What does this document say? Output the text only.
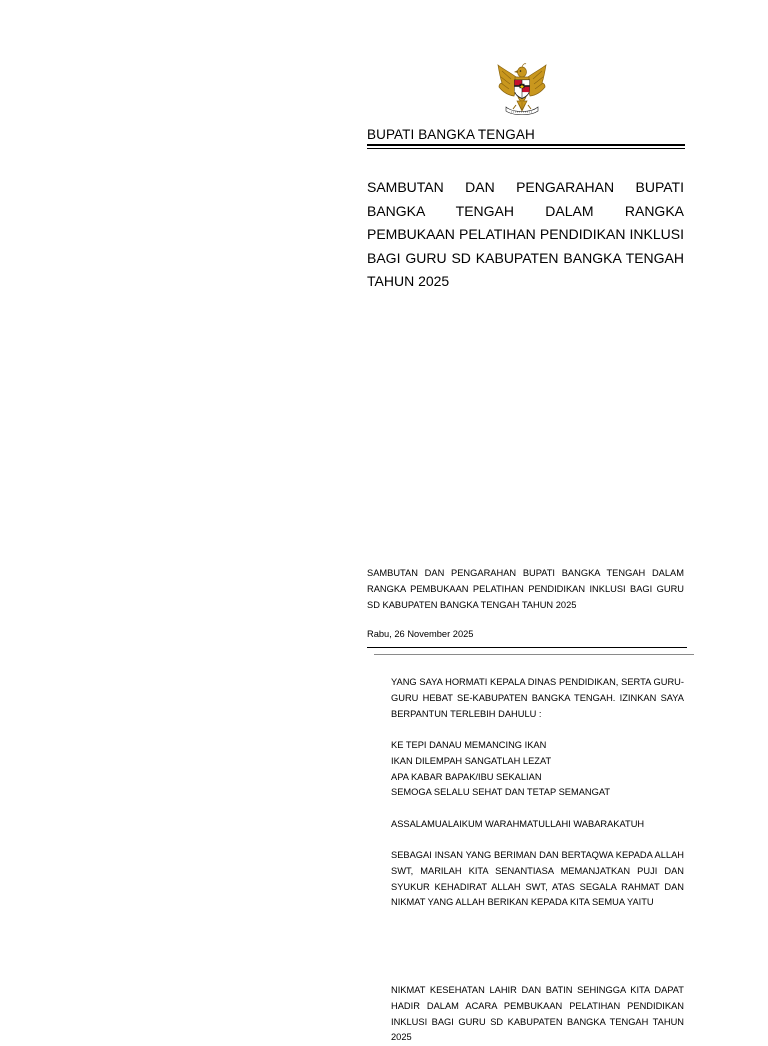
BUPATI BANGKA TENGAH
SAMBUTAN DAN PENGARAHAN BUPATI BANGKA TENGAH DALAM RANGKA PEMBUKAAN PELATIHAN PENDIDIKAN INKLUSI BAGI GURU SD KABUPATEN BANGKA TENGAH TAHUN 2025

SAMBUTAN DAN PENGARAHAN BUPATI BANGKA TENGAH DALAM RANGKA PEMBUKAAN PELATIHAN PENDIDIKAN INKLUSI BAGI GURU SD KABUPATEN BANGKA TENGAH TAHUN 2025

Rabu, 26 November 2025

YANG SAYA HORMATI KEPALA DINAS PENDIDIKAN, SERTA GURU-GURU HEBAT SE-KABUPATEN BANGKA TENGAH. IZINKAN SAYA BERPANTUN TERLEBIH DAHULU :

KE TEPI DANAU MEMANCING IKAN
IKAN DILEMPAH SANGATLAH LEZAT
APA KABAR BAPAK/IBU SEKALIAN
SEMOGA SELALU SEHAT DAN TETAP SEMANGAT

ASSALAMUALAIKUM WARAHMATULLAHI WABARAKATUH

SEBAGAI INSAN YANG BERIMAN DAN BERTAQWA KEPADA ALLAH SWT, MARILAH KITA SENANTIASA MEMANJATKAN PUJI DAN SYUKUR KEHADIRAT ALLAH SWT, ATAS SEGALA RAHMAT DAN NIKMAT YANG ALLAH BERIKAN KEPADA KITA SEMUA YAITU

NIKMAT KESEHATAN LAHIR DAN BATIN SEHINGGA KITA DAPAT HADIR DALAM ACARA PEMBUKAAN PELATIHAN PENDIDIKAN INKLUSI BAGI GURU SD KABUPATEN BANGKA TENGAH TAHUN 2025
